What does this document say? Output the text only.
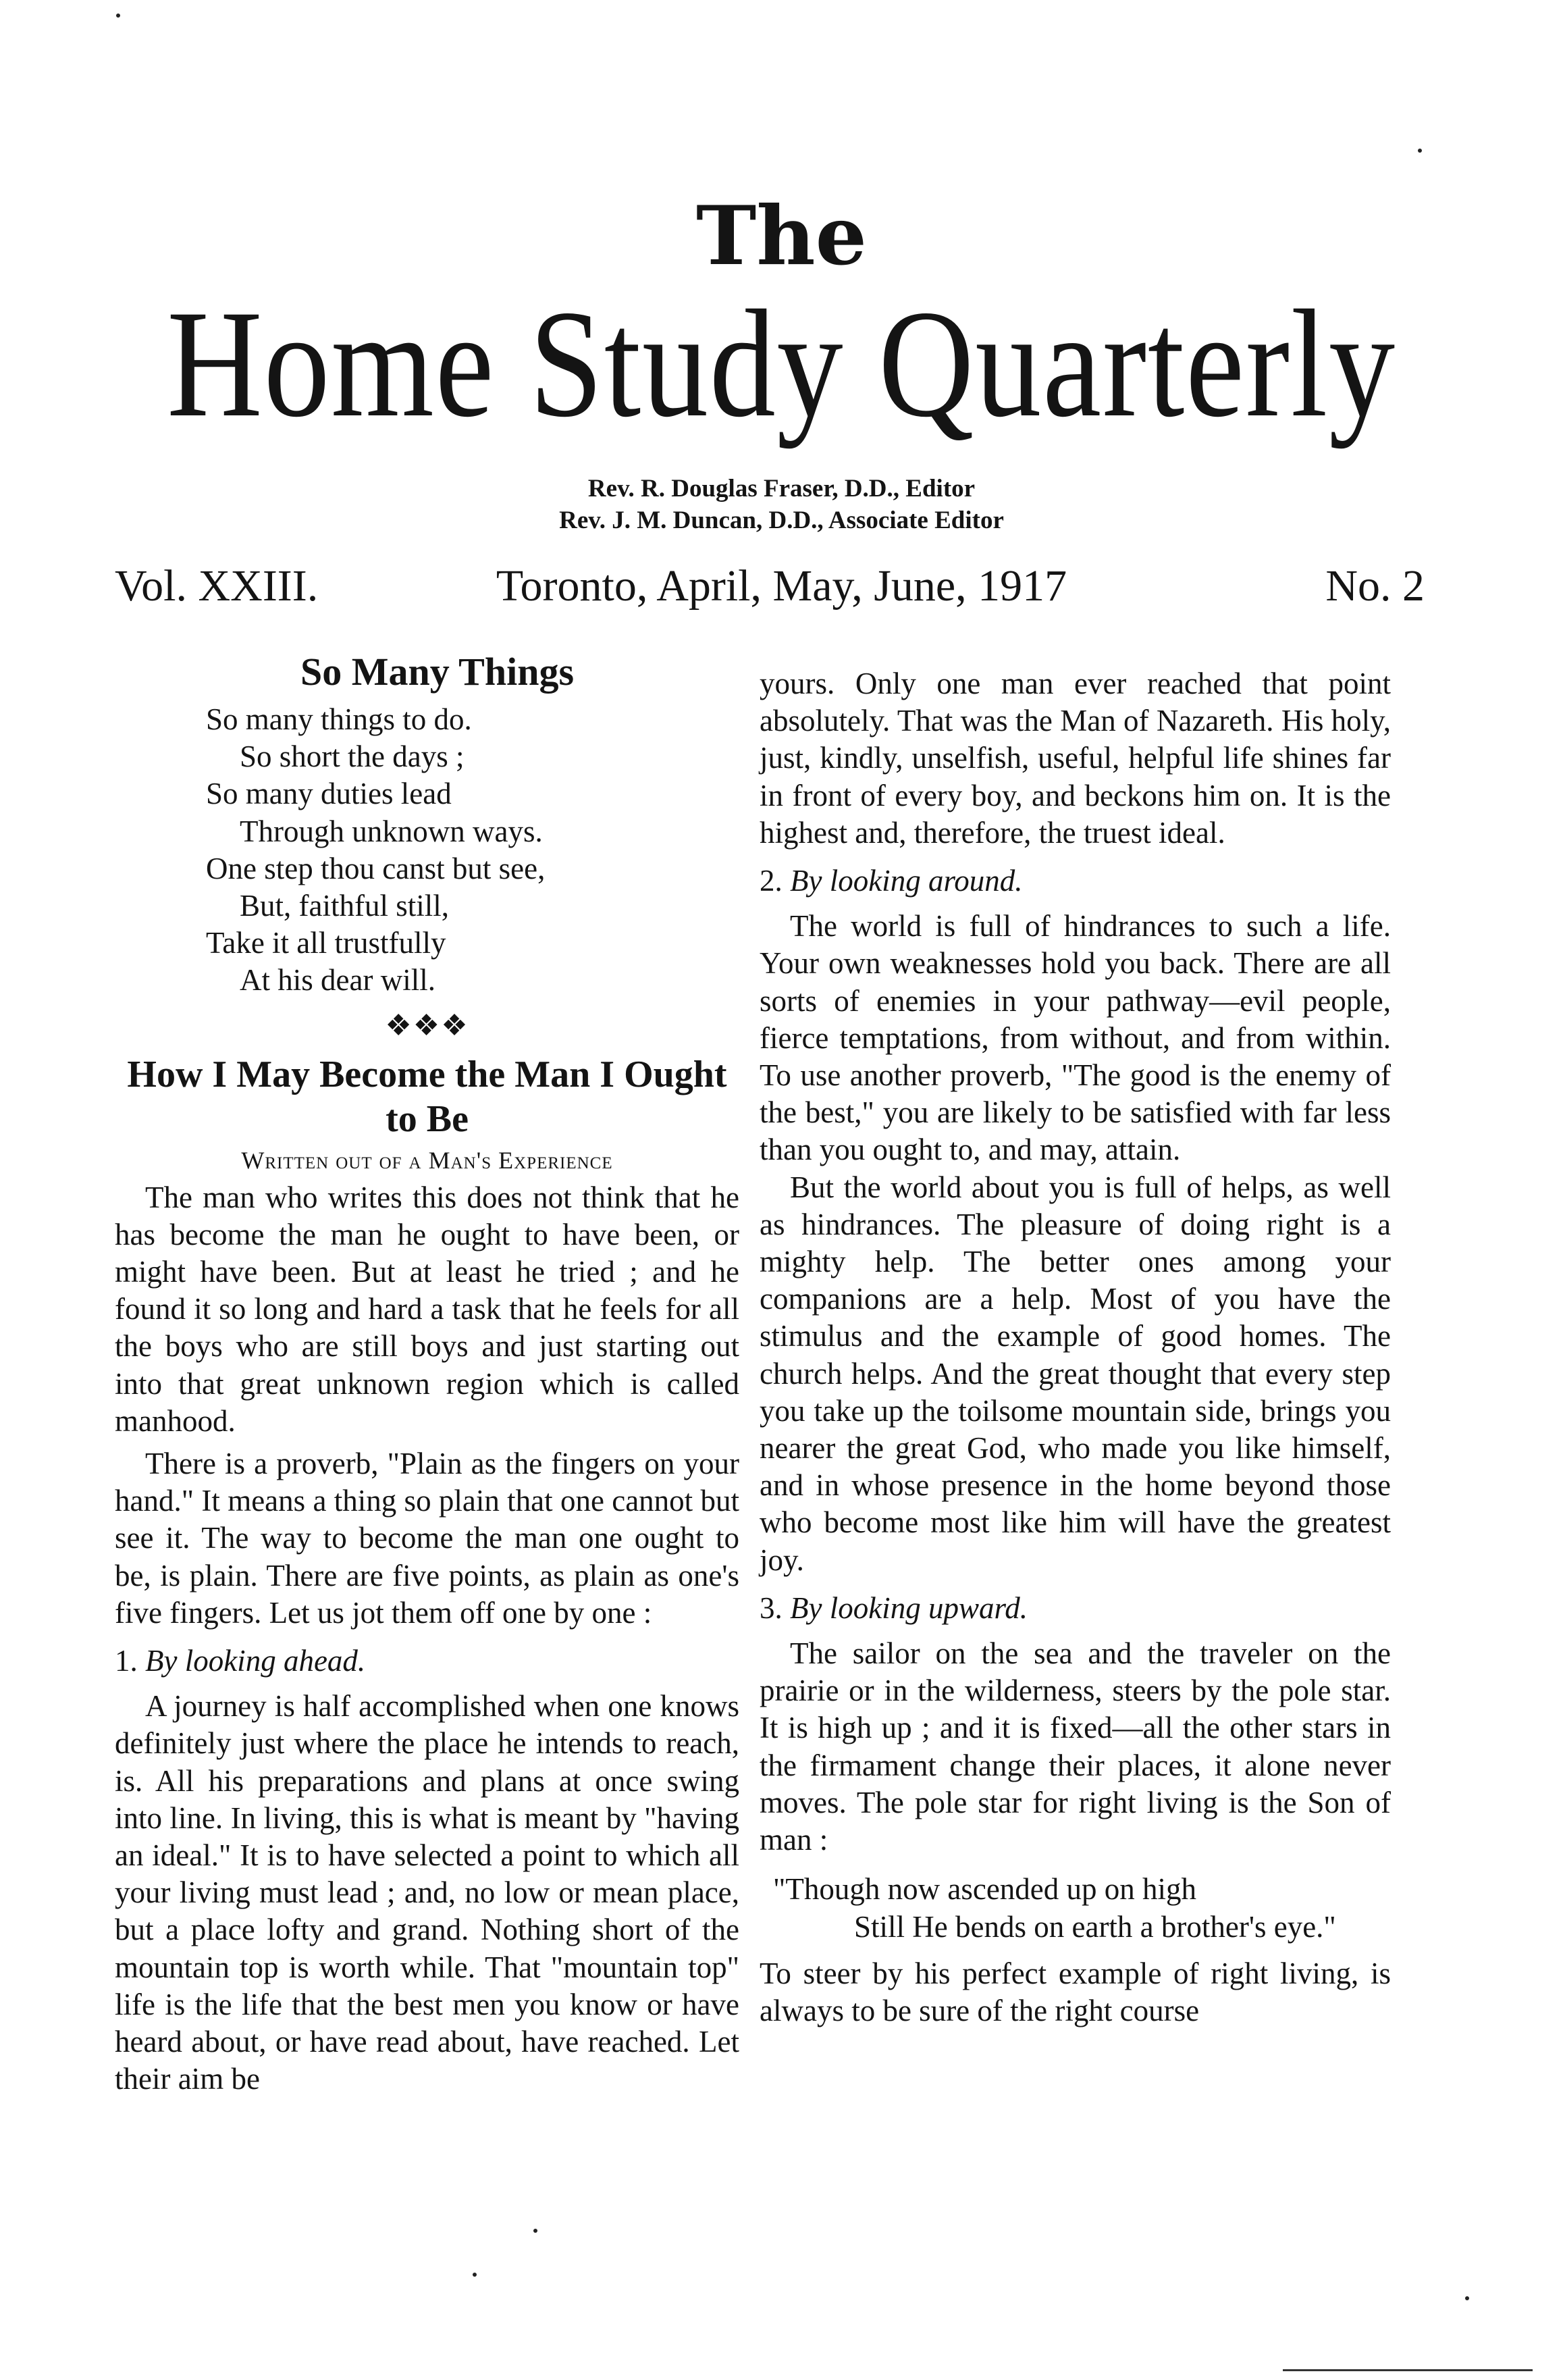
The
Home Study Quarterly
Rev. R. Douglas Fraser, D.D., Editor
Rev. J. M. Duncan, D.D., Associate Editor
Vol. XXIII.	Toronto, April, May, June, 1917	No. 2
So Many Things
So many things to do.
So short the days ;
So many duties lead
Through unknown ways.
One step thou canst but see,
But, faithful still,
Take it all trustfully
At his dear will.
❖❖❖
How I May Become the Man I Ought to Be
Written out of a Man's Experience

The man who writes this does not think that he has become the man he ought to have been, or might have been. But at least he tried ; and he found it so long and hard a task that he feels for all the boys who are still boys and just starting out into that great unknown region which is called manhood.

There is a proverb, "Plain as the fingers on your hand." It means a thing so plain that one cannot but see it. The way to become the man one ought to be, is plain. There are five points, as plain as one's five fingers. Let us jot them off one by one :

1. By looking ahead.

A journey is half accomplished when one knows definitely just where the place he intends to reach, is. All his preparations and plans at once swing into line. In living, this is what is meant by "having an ideal." It is to have selected a point to which all your living must lead ; and, no low or mean place, but a place lofty and grand. Nothing short of the mountain top is worth while. That "mountain top" life is the life that the best men you know or have heard about, or have read about, have reached. Let their aim be

yours. Only one man ever reached that point absolutely. That was the Man of Nazareth. His holy, just, kindly, unselfish, useful, helpful life shines far in front of every boy, and beckons him on. It is the highest and, therefore, the truest ideal.

2. By looking around.

The world is full of hindrances to such a life. Your own weaknesses hold you back. There are all sorts of enemies in your pathway—evil people, fierce temptations, from without, and from within. To use another proverb, "The good is the enemy of the best," you are likely to be satisfied with far less than you ought to, and may, attain.

But the world about you is full of helps, as well as hindrances. The pleasure of doing right is a mighty help. The better ones among your companions are a help. Most of you have the stimulus and the example of good homes. The church helps. And the great thought that every step you take up the toilsome mountain side, brings you nearer the great God, who made you like himself, and in whose presence in the home beyond those who become most like him will have the greatest joy.

3. By looking upward.

The sailor on the sea and the traveler on the prairie or in the wilderness, steers by the pole star. It is high up ; and it is fixed—all the other stars in the firmament change their places, it alone never moves. The pole star for right living is the Son of man :

"Though now ascended up on high
Still He bends on earth a brother's eye."

To steer by his perfect example of right living, is always to be sure of the right course
